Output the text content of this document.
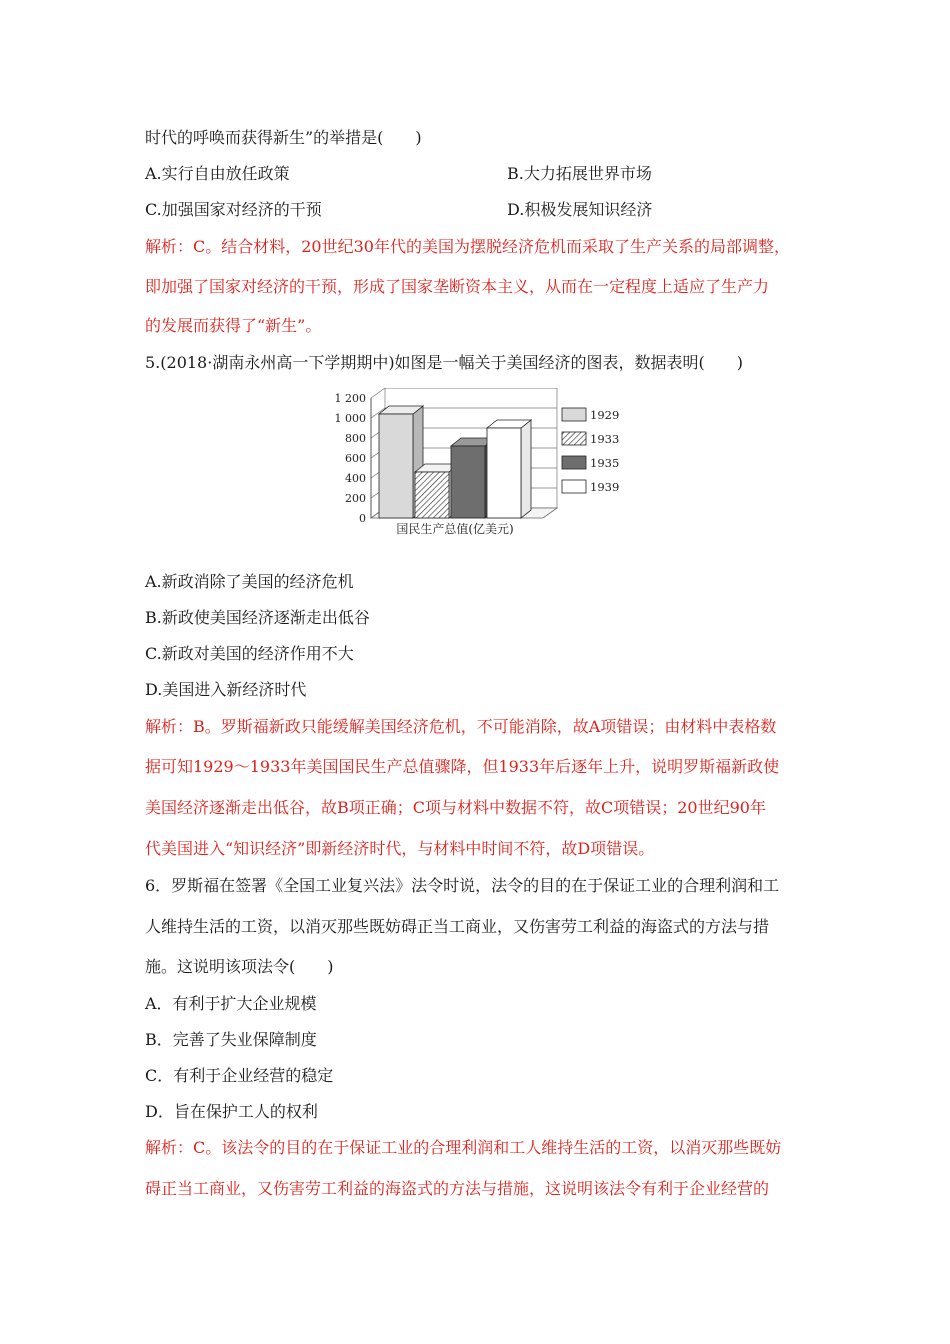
时代的呼唤而获得新生”的举措是(　　)
A.实行自由放任政策	B.大力拓展世界市场
C.加强国家对经济的干预	D.积极发展知识经济
解析：C。结合材料，20世纪30年代的美国为摆脱经济危机而采取了生产关系的局部调整，
即加强了国家对经济的干预，形成了国家垄断资本主义，从而在一定程度上适应了生产力
的发展而获得了“新生”。
5.(2018·湖南永州高一下学期期中)如图是一幅关于美国经济的图表，数据表明(　　)
0
200
400
600
800
1 000
1 200
1929
1933
1935
1939
国民生产总值(亿美元)
A.新政消除了美国的经济危机
B.新政使美国经济逐渐走出低谷
C.新政对美国的经济作用不大
D.美国进入新经济时代
解析：B。罗斯福新政只能缓解美国经济危机，不可能消除，故A项错误；由材料中表格数
据可知1929～1933年美国国民生产总值骤降，但1933年后逐年上升，说明罗斯福新政使
美国经济逐渐走出低谷，故B项正确；C项与材料中数据不符，故C项错误；20世纪90年
代美国进入“知识经济”即新经济时代，与材料中时间不符，故D项错误。
6．罗斯福在签署《全国工业复兴法》法令时说，法令的目的在于保证工业的合理利润和工
人维持生活的工资，以消灭那些既妨碍正当工商业，又伤害劳工利益的海盗式的方法与措
施。这说明该项法令(　　)
A．有利于扩大企业规模
B．完善了失业保障制度
C．有利于企业经营的稳定
D．旨在保护工人的权利
解析：C。该法令的目的在于保证工业的合理利润和工人维持生活的工资，以消灭那些既妨
碍正当工商业，又伤害劳工利益的海盗式的方法与措施，这说明该法令有利于企业经营的
